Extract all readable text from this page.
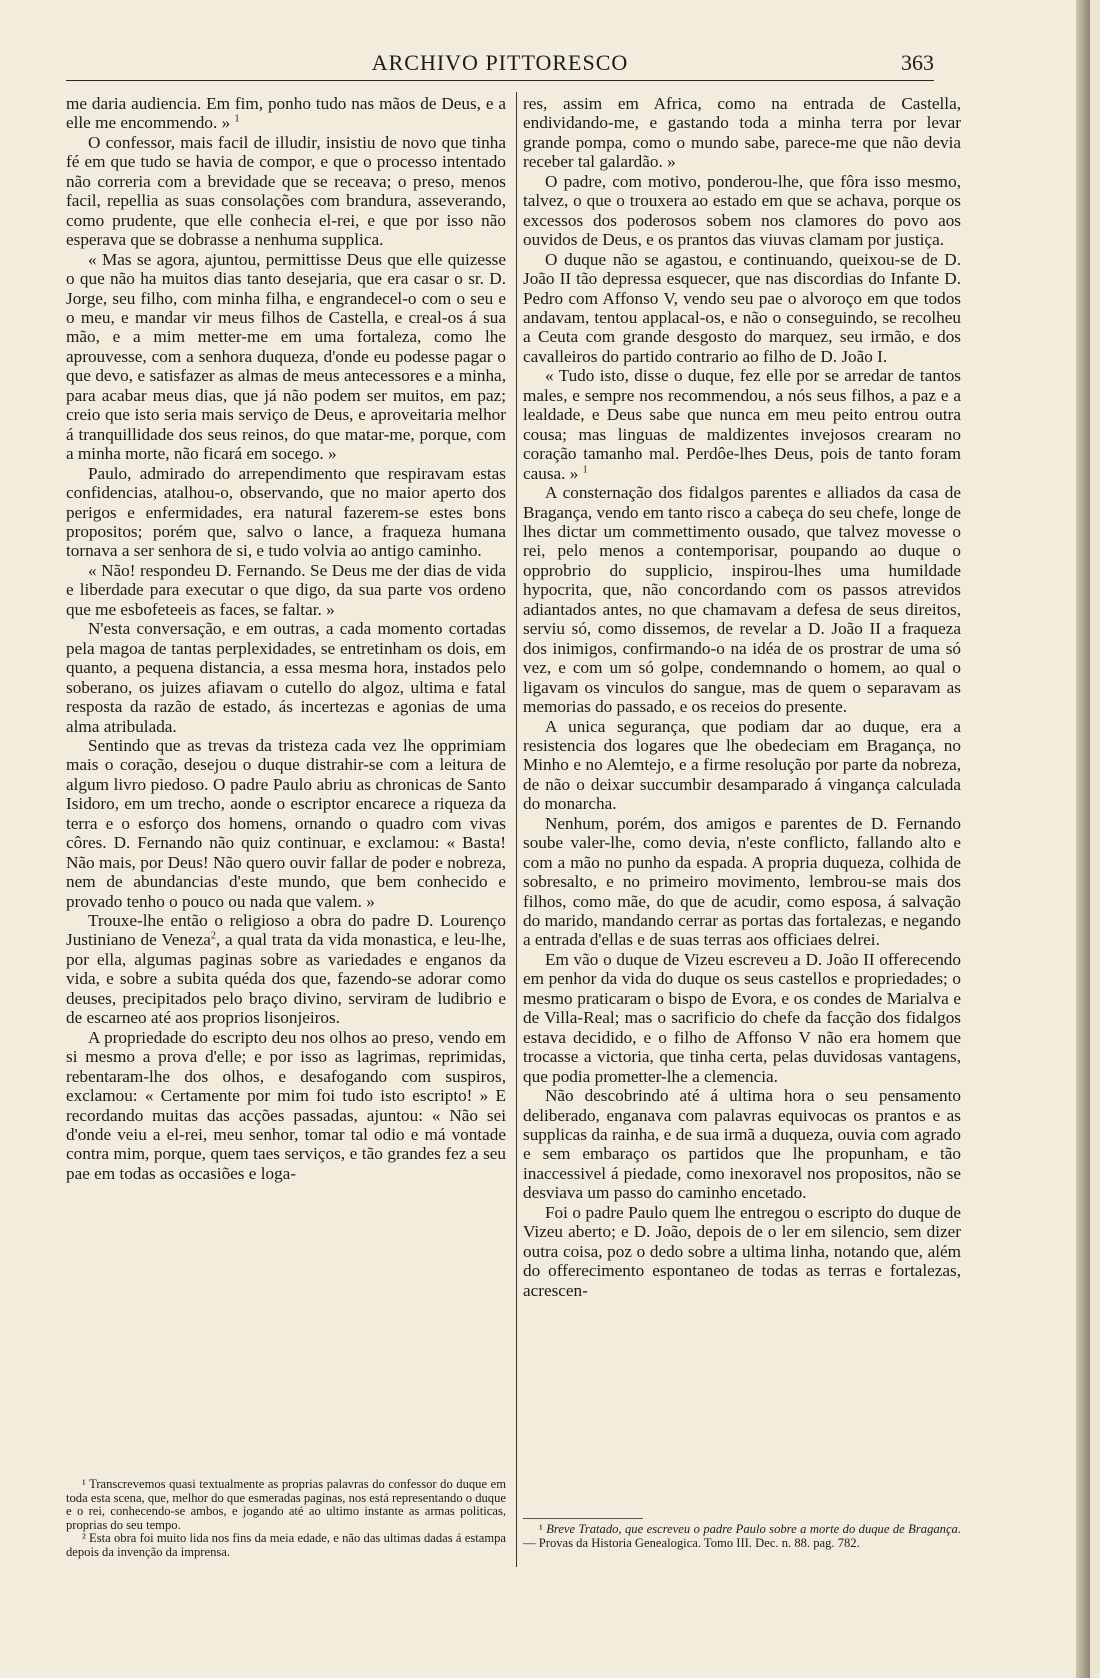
ARCHIVO PITTORESCO	363

me daria audiencia. Em fim, ponho tudo nas mãos de Deus, e a elle me encommendo. » $^1$

O confessor, mais facil de illudir, insistiu de novo que tinha fé em que tudo se havia de compor, e que o processo intentado não correria com a brevidade que se receava; o preso, menos facil, repellia as suas consolações com brandura, asseverando, como prudente, que elle conhecia el-rei, e que por isso não esperava que se dobrasse a nenhuma supplica.

« Mas se agora, ajuntou, permittisse Deus que elle quizesse o que não ha muitos dias tanto desejaria, que era casar o sr. D. Jorge, seu filho, com minha filha, e engrandecel-o com o seu e o meu, e mandar vir meus filhos de Castella, e creal-os á sua mão, e a mim metter-me em uma fortaleza, como lhe aprouvesse, com a senhora duqueza, d'onde eu podesse pagar o que devo, e satisfazer as almas de meus antecessores e a minha, para acabar meus dias, que já não podem ser muitos, em paz; creio que isto seria mais serviço de Deus, e aproveitaria melhor á tranquillidade dos seus reinos, do que matar-me, porque, com a minha morte, não ficará em socego. »

Paulo, admirado do arrependimento que respiravam estas confidencias, atalhou-o, observando, que no maior aperto dos perigos e enfermidades, era natural fazerem-se estes bons propositos; porém que, salvo o lance, a fraqueza humana tornava a ser senhora de si, e tudo volvia ao antigo caminho.

« Não! respondeu D. Fernando. Se Deus me der dias de vida e liberdade para executar o que digo, da sua parte vos ordeno que me esbofeteeis as faces, se faltar. »

N'esta conversação, e em outras, a cada momento cortadas pela magoa de tantas perplexidades, se entretinham os dois, em quanto, a pequena distancia, a essa mesma hora, instados pelo soberano, os juizes afiavam o cutello do algoz, ultima e fatal resposta da razão de estado, ás incertezas e agonias de uma alma atribulada.

Sentindo que as trevas da tristeza cada vez lhe opprimiam mais o coração, desejou o duque distrahir-se com a leitura de algum livro piedoso. O padre Paulo abriu as chronicas de Santo Isidoro, em um trecho, aonde o escriptor encarece a riqueza da terra e o esforço dos homens, ornando o quadro com vivas côres. D. Fernando não quiz continuar, e exclamou: « Basta! Não mais, por Deus! Não quero ouvir fallar de poder e nobreza, nem de abundancias d'este mundo, que bem conhecido e provado tenho o pouco ou nada que valem. »

Trouxe-lhe então o religioso a obra do padre D. Lourenço Justiniano de Veneza$^2$, a qual trata da vida monastica, e leu-lhe, por ella, algumas paginas sobre as variedades e enganos da vida, e sobre a subita quéda dos que, fazendo-se adorar como deuses, precipitados pelo braço divino, serviram de ludibrio e de escarneo até aos proprios lisonjeiros.

A propriedade do escripto deu nos olhos ao preso, vendo em si mesmo a prova d'elle; e por isso as lagrimas, reprimidas, rebentaram-lhe dos olhos, e desafogando com suspiros, exclamou: « Certamente por mim foi tudo isto escripto! » E recordando muitas das acções passadas, ajuntou: « Não sei d'onde veiu a el-rei, meu senhor, tomar tal odio e má vontade contra mim, porque, quem taes serviços, e tão grandes fez a seu pae em todas as occasiões e loga-

res, assim em Africa, como na entrada de Castella, endividando-me, e gastando toda a minha terra por levar grande pompa, como o mundo sabe, parece-me que não devia receber tal galardão. »

O padre, com motivo, ponderou-lhe, que fôra isso mesmo, talvez, o que o trouxera ao estado em que se achava, porque os excessos dos poderosos sobem nos clamores do povo aos ouvidos de Deus, e os prantos das viuvas clamam por justiça.

O duque não se agastou, e continuando, queixou-se de D. João II tão depressa esquecer, que nas discordias do Infante D. Pedro com Affonso V, vendo seu pae o alvoroço em que todos andavam, tentou applacal-os, e não o conseguindo, se recolheu a Ceuta com grande desgosto do marquez, seu irmão, e dos cavalleiros do partido contrario ao filho de D. João I.

« Tudo isto, disse o duque, fez elle por se arredar de tantos males, e sempre nos recommendou, a nós seus filhos, a paz e a lealdade, e Deus sabe que nunca em meu peito entrou outra cousa; mas linguas de maldizentes invejosos crearam no coração tamanho mal. Perdôe-lhes Deus, pois de tanto foram causa. » $^1$

A consternação dos fidalgos parentes e alliados da casa de Bragança, vendo em tanto risco a cabeça do seu chefe, longe de lhes dictar um commettimento ousado, que talvez movesse o rei, pelo menos a contemporisar, poupando ao duque o opprobrio do supplicio, inspirou-lhes uma humildade hypocrita, que, não concordando com os passos atrevidos adiantados antes, no que chamavam a defesa de seus direitos, serviu só, como dissemos, de revelar a D. João II a fraqueza dos inimigos, confirmando-o na idéa de os prostrar de uma só vez, e com um só golpe, condemnando o homem, ao qual o ligavam os vinculos do sangue, mas de quem o separavam as memorias do passado, e os receios do presente.

A unica segurança, que podiam dar ao duque, era a resistencia dos logares que lhe obedeciam em Bragança, no Minho e no Alemtejo, e a firme resolução por parte da nobreza, de não o deixar succumbir desamparado á vingança calculada do monarcha.

Nenhum, porém, dos amigos e parentes de D. Fernando soube valer-lhe, como devia, n'este conflicto, fallando alto e com a mão no punho da espada. A propria duqueza, colhida de sobresalto, e no primeiro movimento, lembrou-se mais dos filhos, como mãe, do que de acudir, como esposa, á salvação do marido, mandando cerrar as portas das fortalezas, e negando a entrada d'ellas e de suas terras aos officiaes delrei.

Em vão o duque de Vizeu escreveu a D. João II offerecendo em penhor da vida do duque os seus castellos e propriedades; o mesmo praticaram o bispo de Evora, e os condes de Marialva e de Villa-Real; mas o sacrificio do chefe da facção dos fidalgos estava decidido, e o filho de Affonso V não era homem que trocasse a victoria, que tinha certa, pelas duvidosas vantagens, que podia prometter-lhe a clemencia.

Não descobrindo até á ultima hora o seu pensamento deliberado, enganava com palavras equivocas os prantos e as supplicas da rainha, e de sua irmã a duqueza, ouvia com agrado e sem embaraço os partidos que lhe propunham, e tão inaccessivel á piedade, como inexoravel nos propositos, não se desviava um passo do caminho encetado.

Foi o padre Paulo quem lhe entregou o escripto do duque de Vizeu aberto; e D. João, depois de o ler em silencio, sem dizer outra coisa, poz o dedo sobre a ultima linha, notando que, além do offerecimento espontaneo de todas as terras e fortalezas, acrescen-

¹ Transcrevemos quasi textualmente as proprias palavras do confessor do duque em toda esta scena, que, melhor do que esmeradas paginas, nos está representando o duque e o rei, conhecendo-se ambos, e jogando até ao ultimo instante as armas politicas, proprias do seu tempo.

² Esta obra foi muito lida nos fins da meia edade, e não das ultimas dadas á estampa depois da invenção da imprensa.

¹ Breve Tratado, que escreveu o padre Paulo sobre a morte do duque de Bragança. — Provas da Historia Genealogica. Tomo III. Dec. n. 88. pag. 782.
